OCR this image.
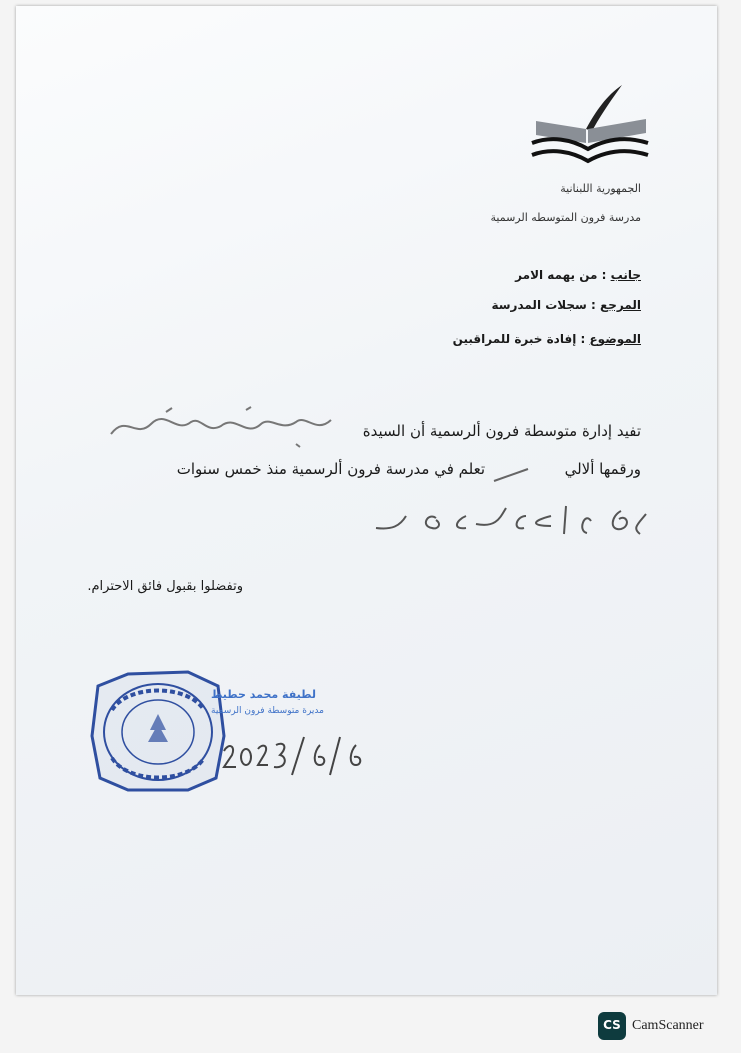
الجمهورية اللبنانية
مدرسة فرون المتوسطه الرسمية
جانب : من يهمه الامر
المرجع : سجلات المدرسة
الموضوع : إفادة خبرة للمراقبين
تفيد إدارة متوسطة فرون ألرسمية أن السيدة
ورقمها ألالي  تعلم في مدرسة فرون ألرسمية منذ خمس سنوات
وتفضلوا بقبول فائق الاحترام.
لطيفة محمد حطيط
مديرة متوسطة فرون الرسمية
CS CamScanner
